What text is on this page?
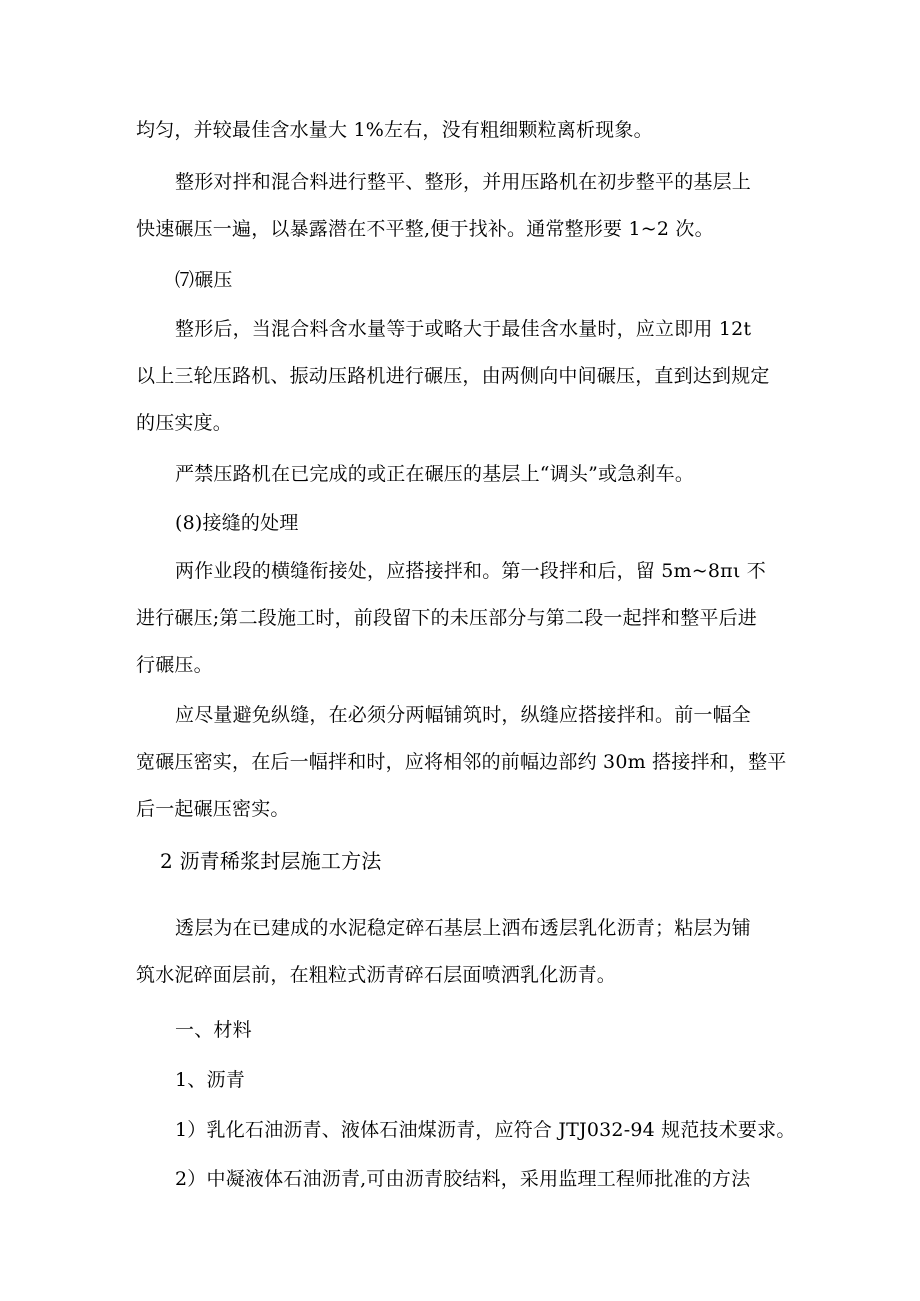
均匀，并较最佳含水量大 1%左右，没有粗细颗粒离析现象。
整形对拌和混合料进行整平、整形，并用压路机在初步整平的基层上
快速碾压一遍，以暴露潜在不平整,便于找补。通常整形要 1~2 次。
⑺碾压
整形后，当混合料含水量等于或略大于最佳含水量时，应立即用 12t
以上三轮压路机、振动压路机进行碾压，由两侧向中间碾压，直到达到规定
的压实度。
严禁压路机在已完成的或正在碾压的基层上“调头”或急刹车。
(8)接缝的处理
两作业段的横缝衔接处，应搭接拌和。第一段拌和后，留 5m~8πι 不
进行碾压;第二段施工时，前段留下的未压部分与第二段一起拌和整平后进
行碾压。
应尽量避免纵缝，在必须分两幅铺筑时，纵缝应搭接拌和。前一幅全
宽碾压密实，在后一幅拌和时，应将相邻的前幅边部约 30m 搭接拌和，整平
后一起碾压密实。
2 沥青稀浆封层施工方法
透层为在已建成的水泥稳定碎石基层上洒布透层乳化沥青；粘层为铺
筑水泥碎面层前，在粗粒式沥青碎石层面喷洒乳化沥青。
一、材料
1、沥青
1）乳化石油沥青、液体石油煤沥青，应符合 JTJ032-94 规范技术要求。
2）中凝液体石油沥青,可由沥青胶结料，采用监理工程师批准的方法
